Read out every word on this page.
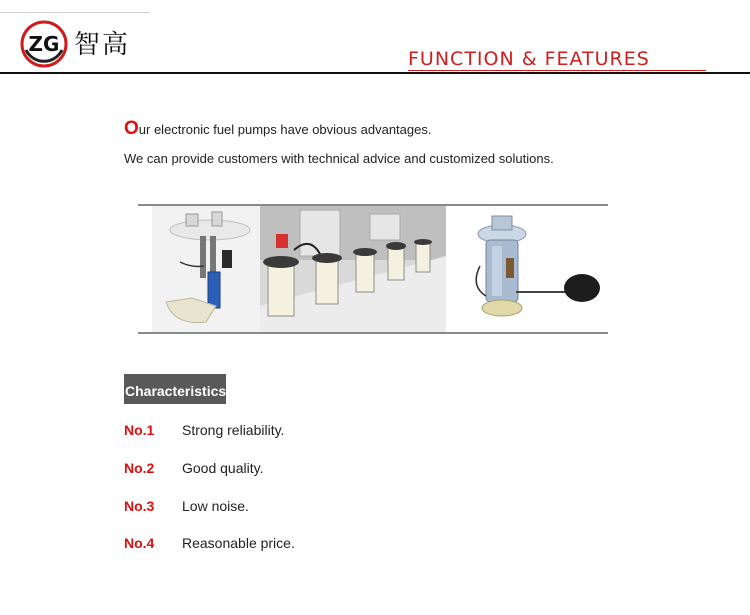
ZG 智高	FUNCTION & FEATURES
Our electronic fuel pumps have obvious advantages.
We can provide customers with technical advice and customized solutions.
Characteristics
No.1 Strong reliability.
No.2 Good quality.
No.3 Low noise.
No.4 Reasonable price.
